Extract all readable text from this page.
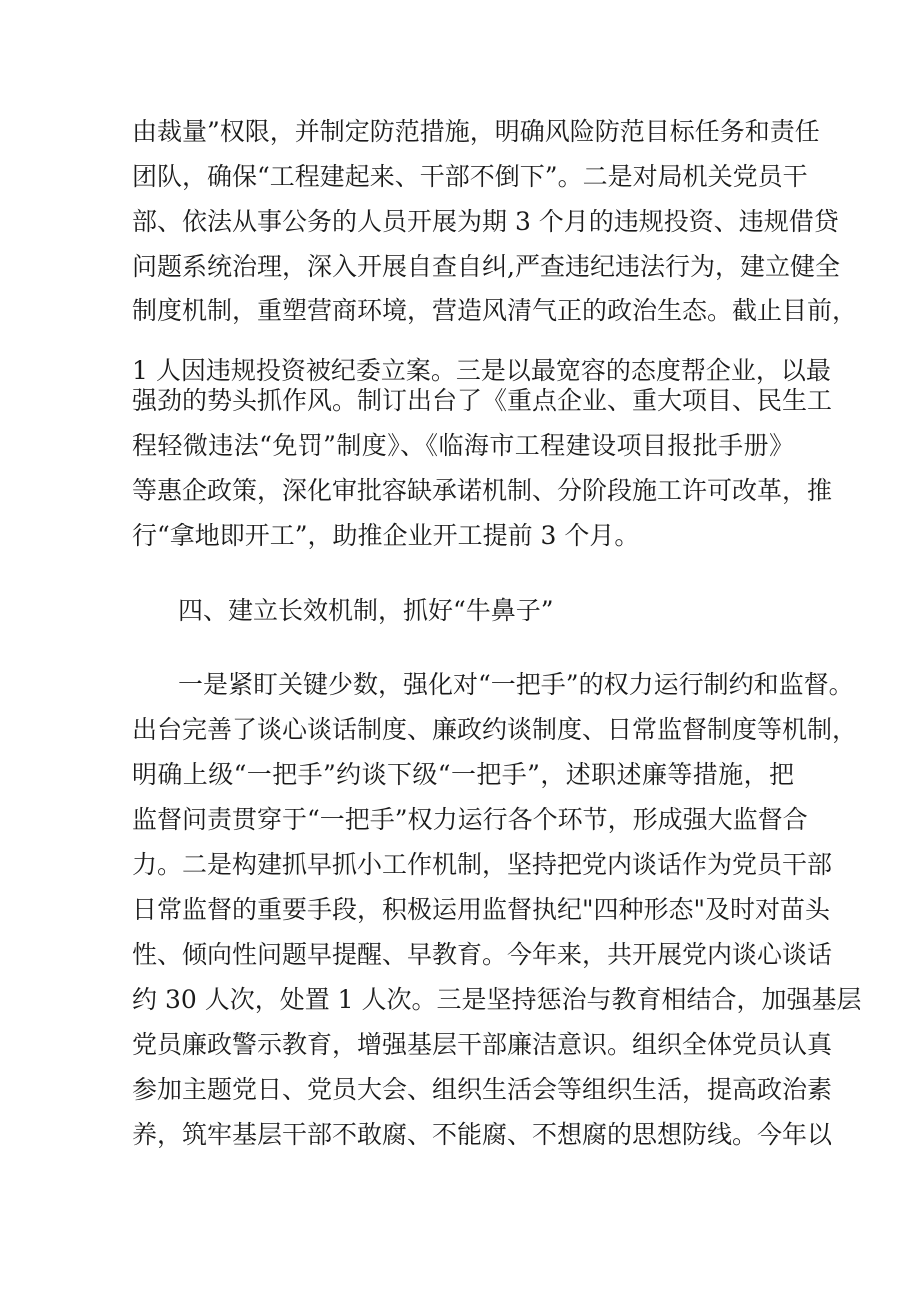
由裁量”权限，并制定防范措施，明确风险防范目标任务和责任
团队，确保“工程建起来、干部不倒下”。二是对局机关党员干
部、依法从事公务的人员开展为期 3 个月的违规投资、违规借贷
问题系统治理，深入开展自查自纠,严查违纪违法行为，建立健全
制度机制，重塑营商环境，营造风清气正的政治生态。截止目前，
1 人因违规投资被纪委立案。三是以最宽容的态度帮企业，以最
强劲的势头抓作风。制订出台了《重点企业、重大项目、民生工
程轻微违法“免罚”制度》、《临海市工程建设项目报批手册》
等惠企政策，深化审批容缺承诺机制、分阶段施工许可改革，推
行“拿地即开工”，助推企业开工提前 3 个月。
四、建立长效机制，抓好“牛鼻子”
一是紧盯关键少数，强化对“一把手”的权力运行制约和监督。
出台完善了谈心谈话制度、廉政约谈制度、日常监督制度等机制，
明确上级“一把手”约谈下级“一把手”，述职述廉等措施，把
监督问责贯穿于“一把手”权力运行各个环节，形成强大监督合
力。二是构建抓早抓小工作机制，坚持把党内谈话作为党员干部
日常监督的重要手段，积极运用监督执纪"四种形态"及时对苗头
性、倾向性问题早提醒、早教育。今年来，共开展党内谈心谈话
约 30 人次，处置 1 人次。三是坚持惩治与教育相结合，加强基层
党员廉政警示教育，增强基层干部廉洁意识。组织全体党员认真
参加主题党日、党员大会、组织生活会等组织生活，提高政治素
养，筑牢基层干部不敢腐、不能腐、不想腐的思想防线。今年以
